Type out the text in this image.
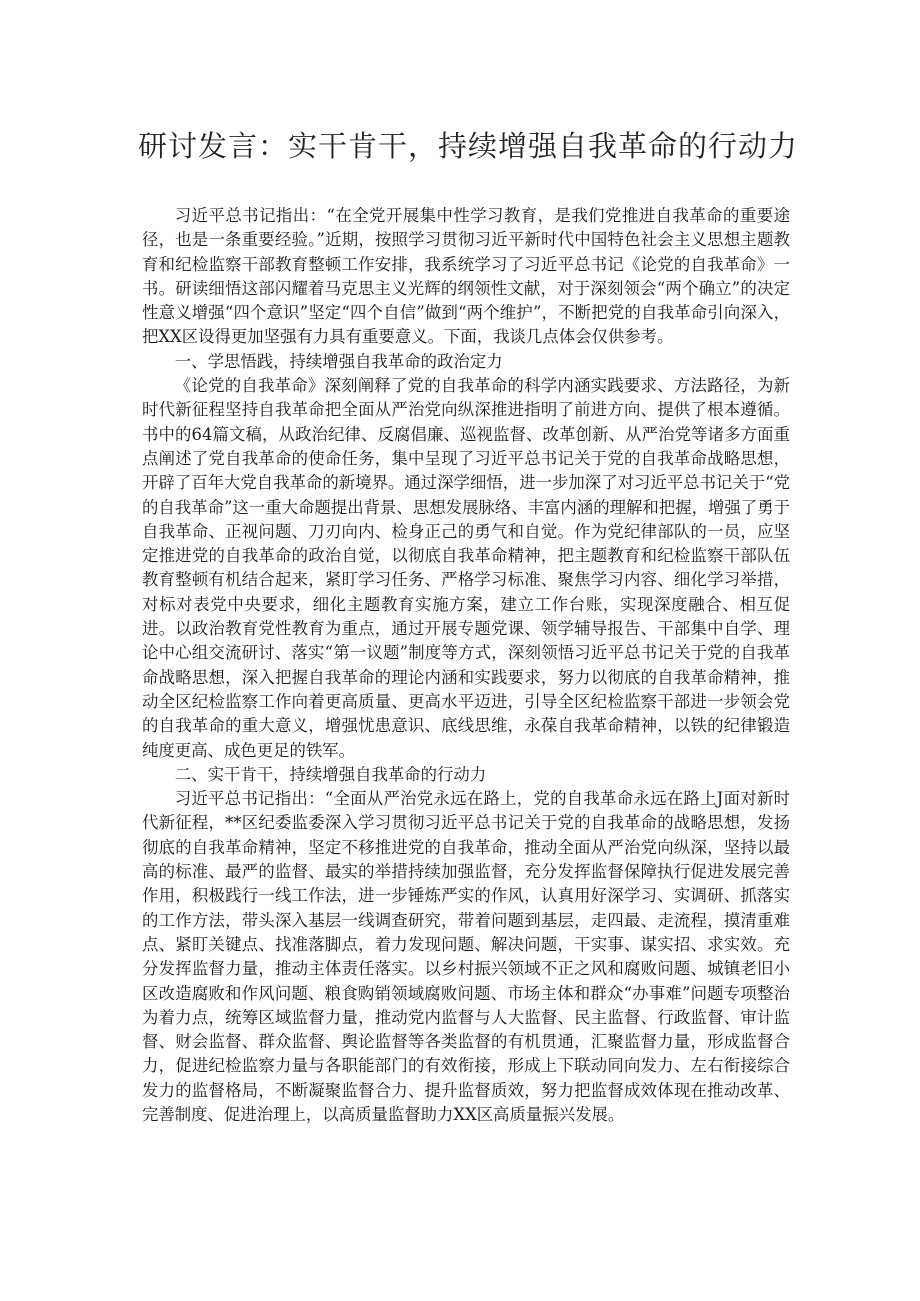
研讨发言：实干肯干，持续增强自我革命的行动力

习近平总书记指出：“在全党开展集中性学习教育，是我们党推进自我革命的重要途径，也是一条重要经验。”近期，按照学习贯彻习近平新时代中国特色社会主义思想主题教育和纪检监察干部教育整顿工作安排，我系统学习了习近平总书记《论党的自我革命》一书。研读细悟这部闪耀着马克思主义光辉的纲领性文献，对于深刻领会“两个确立”的决定性意义增强“四个意识”坚定“四个自信”做到“两个维护”，不断把党的自我革命引向深入，把XX区设得更加坚强有力具有重要意义。下面，我谈几点体会仅供参考。

一、学思悟践，持续增强自我革命的政治定力

《论党的自我革命》深刻阐释了党的自我革命的科学内涵实践要求、方法路径，为新时代新征程坚持自我革命把全面从严治党向纵深推进指明了前进方向、提供了根本遵循。书中的64篇文稿，从政治纪律、反腐倡廉、巡视监督、改革创新、从严治党等诸多方面重点阐述了党自我革命的使命任务，集中呈现了习近平总书记关于党的自我革命战略思想，开辟了百年大党自我革命的新境界。通过深学细悟，进一步加深了对习近平总书记关于“党的自我革命”这一重大命题提出背景、思想发展脉络、丰富内涵的理解和把握，增强了勇于自我革命、正视问题、刀刃向内、检身正己的勇气和自觉。作为党纪律部队的一员，应坚定推进党的自我革命的政治自觉，以彻底自我革命精神，把主题教育和纪检监察干部队伍教育整顿有机结合起来，紧盯学习任务、严格学习标准、聚焦学习内容、细化学习举措，对标对表党中央要求，细化主题教育实施方案，建立工作台账，实现深度融合、相互促进。以政治教育党性教育为重点，通过开展专题党课、领学辅导报告、干部集中自学、理论中心组交流研讨、落实“第一议题”制度等方式，深刻领悟习近平总书记关于党的自我革命战略思想，深入把握自我革命的理论内涵和实践要求，努力以彻底的自我革命精神，推动全区纪检监察工作向着更高质量、更高水平迈进，引导全区纪检监察干部进一步领会党的自我革命的重大意义，增强忧患意识、底线思维，永葆自我革命精神，以铁的纪律锻造纯度更高、成色更足的铁军。

二、实干肯干，持续增强自我革命的行动力

习近平总书记指出：“全面从严治党永远在路上，党的自我革命永远在路上J面对新时代新征程，**区纪委监委深入学习贯彻习近平总书记关于党的自我革命的战略思想，发扬彻底的自我革命精神，坚定不移推进党的自我革命，推动全面从严治党向纵深，坚持以最高的标准、最严的监督、最实的举措持续加强监督，充分发挥监督保障执行促进发展完善作用，积极践行一线工作法，进一步锤炼严实的作风，认真用好深学习、实调研、抓落实的工作方法，带头深入基层一线调查研究，带着问题到基层，走四最、走流程，摸清重难点、紧盯关键点、找准落脚点，着力发现问题、解决问题，干实事、谋实招、求实效。充分发挥监督力量，推动主体责任落实。以乡村振兴领域不正之风和腐败问题、城镇老旧小区改造腐败和作风问题、粮食购销领域腐败问题、市场主体和群众“办事难”问题专项整治为着力点，统筹区域监督力量，推动党内监督与人大监督、民主监督、行政监督、审计监督、财会监督、群众监督、舆论监督等各类监督的有机贯通，汇聚监督力量，形成监督合力，促进纪检监察力量与各职能部门的有效衔接，形成上下联动同向发力、左右衔接综合发力的监督格局，不断凝聚监督合力、提升监督质效，努力把监督成效体现在推动改革、完善制度、促进治理上，以高质量监督助力XX区高质量振兴发展。
